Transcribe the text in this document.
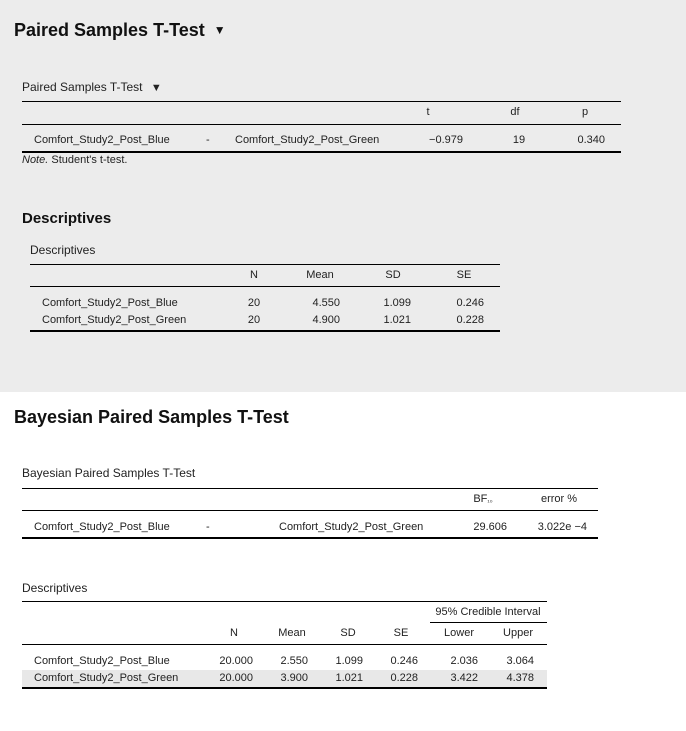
Paired Samples T-Test ▼
Paired Samples T-Test ▼
t	df	p
Comfort_Study2_Post_Blue	- Comfort_Study2_Post_Green	−0.979	19	0.340
Note. Student's t-test.
Descriptives
Descriptives
N	Mean	SD	SE
Comfort_Study2_Post_Blue	20	4.550	1.099	0.246
Comfort_Study2_Post_Green	20	4.900	1.021	0.228
Bayesian Paired Samples T-Test
Bayesian Paired Samples T-Test
BF₁₀	error %
Comfort_Study2_Post_Blue	-	Comfort_Study2_Post_Green	29.606	3.022e −4
Descriptives
95% Credible Interval
N	Mean	SD	SE	Lower	Upper
Comfort_Study2_Post_Blue	20.000	2.550	1.099	0.246	2.036	3.064
Comfort_Study2_Post_Green	20.000	3.900	1.021	0.228	3.422	4.378
